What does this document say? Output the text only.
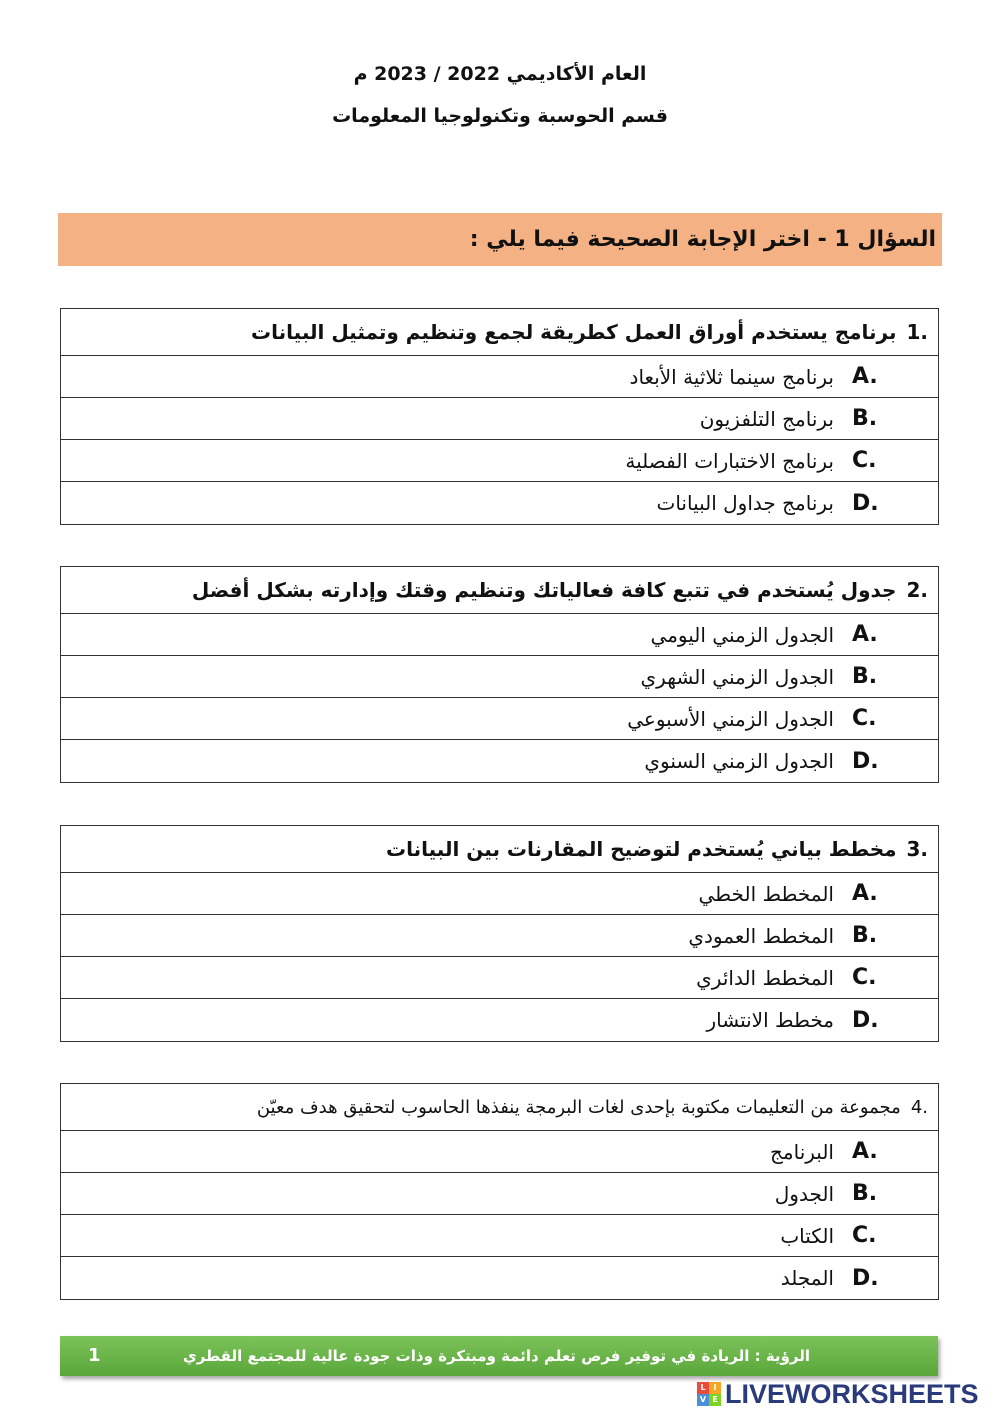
العام الأكاديمي 2022 / 2023 م
قسم الحوسبة وتكنولوجيا المعلومات
السؤال 1 - اختر الإجابة الصحيحة فيما يلي :
1.
برنامج يستخدم أوراق العمل كطريقة لجمع وتنظيم وتمثيل البيانات
A.
برنامج سينما ثلاثية الأبعاد
B.
برنامج التلفزيون
C.
برنامج الاختبارات الفصلية
D.
برنامج جداول البيانات
2.
جدول يُستخدم في تتبع كافة فعالياتك وتنظيم وقتك وإدارته بشكل أفضل
A.
الجدول الزمني اليومي
B.
الجدول الزمني الشهري
C.
الجدول الزمني الأسبوعي
D.
الجدول الزمني السنوي
3.
مخطط بياني يُستخدم لتوضيح المقارنات بين البيانات
A.
المخطط الخطي
B.
المخطط العمودي
C.
المخطط الدائري
D.
مخطط الانتشار
4.
مجموعة من التعليمات مكتوبة بإحدى لغات البرمجة ينفذها الحاسوب لتحقيق هدف معيّن
A.
البرنامج
B.
الجدول
C.
الكتاب
D.
المجلد
الرؤية : الريادة في توفير فرص تعلم دائمة ومبتكرة وذات جودة عالية للمجتمع القطري
1
L I
V E LIVEWORKSHEETS
